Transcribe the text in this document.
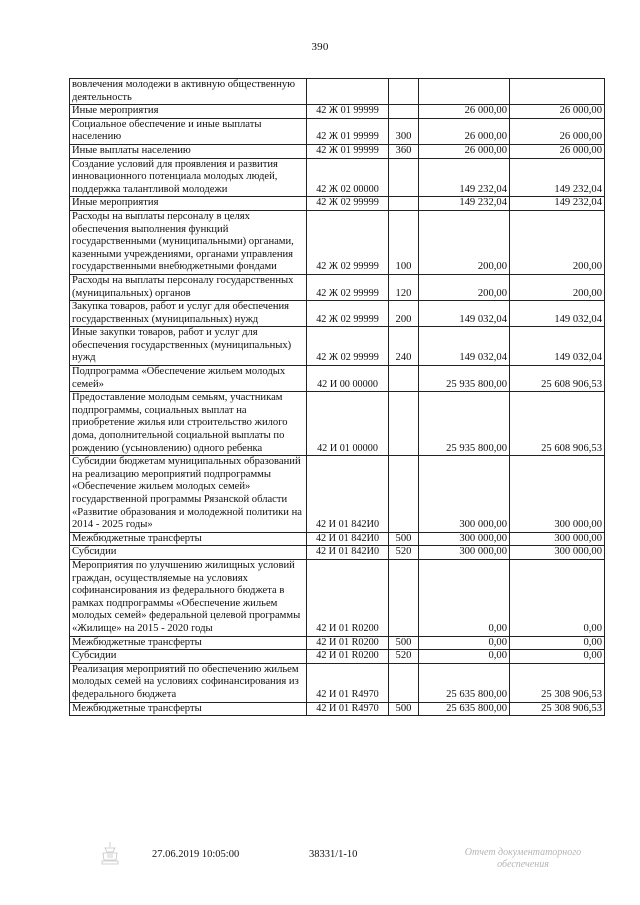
390
вовлечения молодежи в активную общественную деятельность				
Иные мероприятия	42 Ж 01 99999		26 000,00	26 000,00
Социальное обеспечение и иные выплаты населению	42 Ж 01 99999	300	26 000,00	26 000,00
Иные выплаты населению	42 Ж 01 99999	360	26 000,00	26 000,00
Создание условий для проявления и развития инновационного потенциала молодых людей, поддержка талантливой молодежи	42 Ж 02 00000		149 232,04	149 232,04
Иные мероприятия	42 Ж 02 99999		149 232,04	149 232,04
Расходы на выплаты персоналу в целях обеспечения выполнения функций государственными (муниципальными) органами, казенными учреждениями, органами управления государственными внебюджетными фондами	42 Ж 02 99999	100	200,00	200,00
Расходы на выплаты персоналу государственных (муниципальных) органов	42 Ж 02 99999	120	200,00	200,00
Закупка товаров, работ и услуг для обеспечения государственных (муниципальных) нужд	42 Ж 02 99999	200	149 032,04	149 032,04
Иные закупки товаров, работ и услуг для обеспечения государственных (муниципальных) нужд	42 Ж 02 99999	240	149 032,04	149 032,04
Подпрограмма «Обеспечение жильем молодых семей»	42 И 00 00000		25 935 800,00	25 608 906,53
Предоставление молодым семьям, участникам подпрограммы, социальных выплат на приобретение жилья или строительство жилого дома, дополнительной социальной выплаты по рождению (усыновлению) одного ребенка	42 И 01 00000		25 935 800,00	25 608 906,53
Субсидии бюджетам муниципальных образований на реализацию мероприятий подпрограммы «Обеспечение жильем молодых семей» государственной программы Рязанской области «Развитие образования и молодежной политики на 2014 - 2025 годы»	42 И 01 842И0		300 000,00	300 000,00
Межбюджетные трансферты	42 И 01 842И0	500	300 000,00	300 000,00
Субсидии	42 И 01 842И0	520	300 000,00	300 000,00
Мероприятия по улучшению жилищных условий граждан, осуществляемые на условиях софинансирования из федерального бюджета в рамках подпрограммы «Обеспечение жильем молодых семей» федеральной целевой программы «Жилище» на 2015 - 2020 годы	42 И 01 R0200		0,00	0,00
Межбюджетные трансферты	42 И 01 R0200	500	0,00	0,00
Субсидии	42 И 01 R0200	520	0,00	0,00
Реализация мероприятий по обеспечению жильем молодых семей на условиях софинансирования из федерального бюджета	42 И 01 R4970		25 635 800,00	25 308 906,53
Межбюджетные трансферты	42 И 01 R4970	500	25 635 800,00	25 308 906,53
27.06.2019 10:05:00	38331/1-10	Отчет документаторного
обеспечения
